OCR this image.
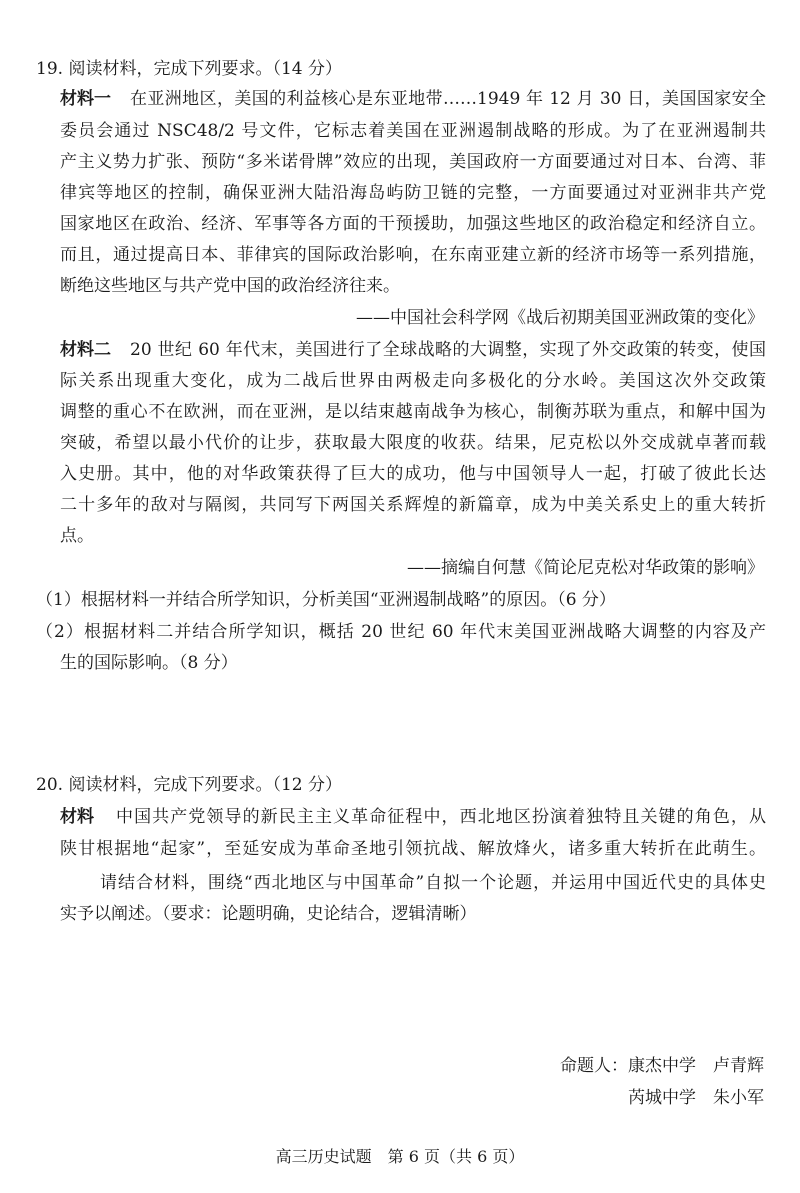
19. 阅读材料，完成下列要求。（14 分）
材料一 在亚洲地区，美国的利益核心是东亚地带……1949 年 12 月 30 日，美国国家安全
委员会通过 NSC48/2 号文件，它标志着美国在亚洲遏制战略的形成。为了在亚洲遏制共
产主义势力扩张、预防“多米诺骨牌”效应的出现，美国政府一方面要通过对日本、台湾、菲
律宾等地区的控制，确保亚洲大陆沿海岛屿防卫链的完整，一方面要通过对亚洲非共产党
国家地区在政治、经济、军事等各方面的干预援助，加强这些地区的政治稳定和经济自立。
而且，通过提高日本、菲律宾的国际政治影响，在东南亚建立新的经济市场等一系列措施，
断绝这些地区与共产党中国的政治经济往来。
——中国社会科学网《战后初期美国亚洲政策的变化》
材料二 20 世纪 60 年代末，美国进行了全球战略的大调整，实现了外交政策的转变，使国
际关系出现重大变化，成为二战后世界由两极走向多极化的分水岭。美国这次外交政策
调整的重心不在欧洲，而在亚洲，是以结束越南战争为核心，制衡苏联为重点，和解中国为
突破，希望以最小代价的让步，获取最大限度的收获。结果，尼克松以外交成就卓著而载
入史册。其中，他的对华政策获得了巨大的成功，他与中国领导人一起，打破了彼此长达
二十多年的敌对与隔阂，共同写下两国关系辉煌的新篇章，成为中美关系史上的重大转折
点。
——摘编自何慧《简论尼克松对华政策的影响》
（1）根据材料一并结合所学知识，分析美国“亚洲遏制战略”的原因。（6 分）
（2）根据材料二并结合所学知识，概括 20 世纪 60 年代末美国亚洲战略大调整的内容及产
生的国际影响。（8 分）
20. 阅读材料，完成下列要求。（12 分）
材料 中国共产党领导的新民主主义革命征程中，西北地区扮演着独特且关键的角色，从
陕甘根据地“起家”，至延安成为革命圣地引领抗战、解放烽火，诸多重大转折在此萌生。
请结合材料，围绕“西北地区与中国革命”自拟一个论题，并运用中国近代史的具体史
实予以阐述。（要求：论题明确，史论结合，逻辑清晰）
命题人：康杰中学　卢青辉
芮城中学　朱小军
高三历史试题　第 6 页（共 6 页）
